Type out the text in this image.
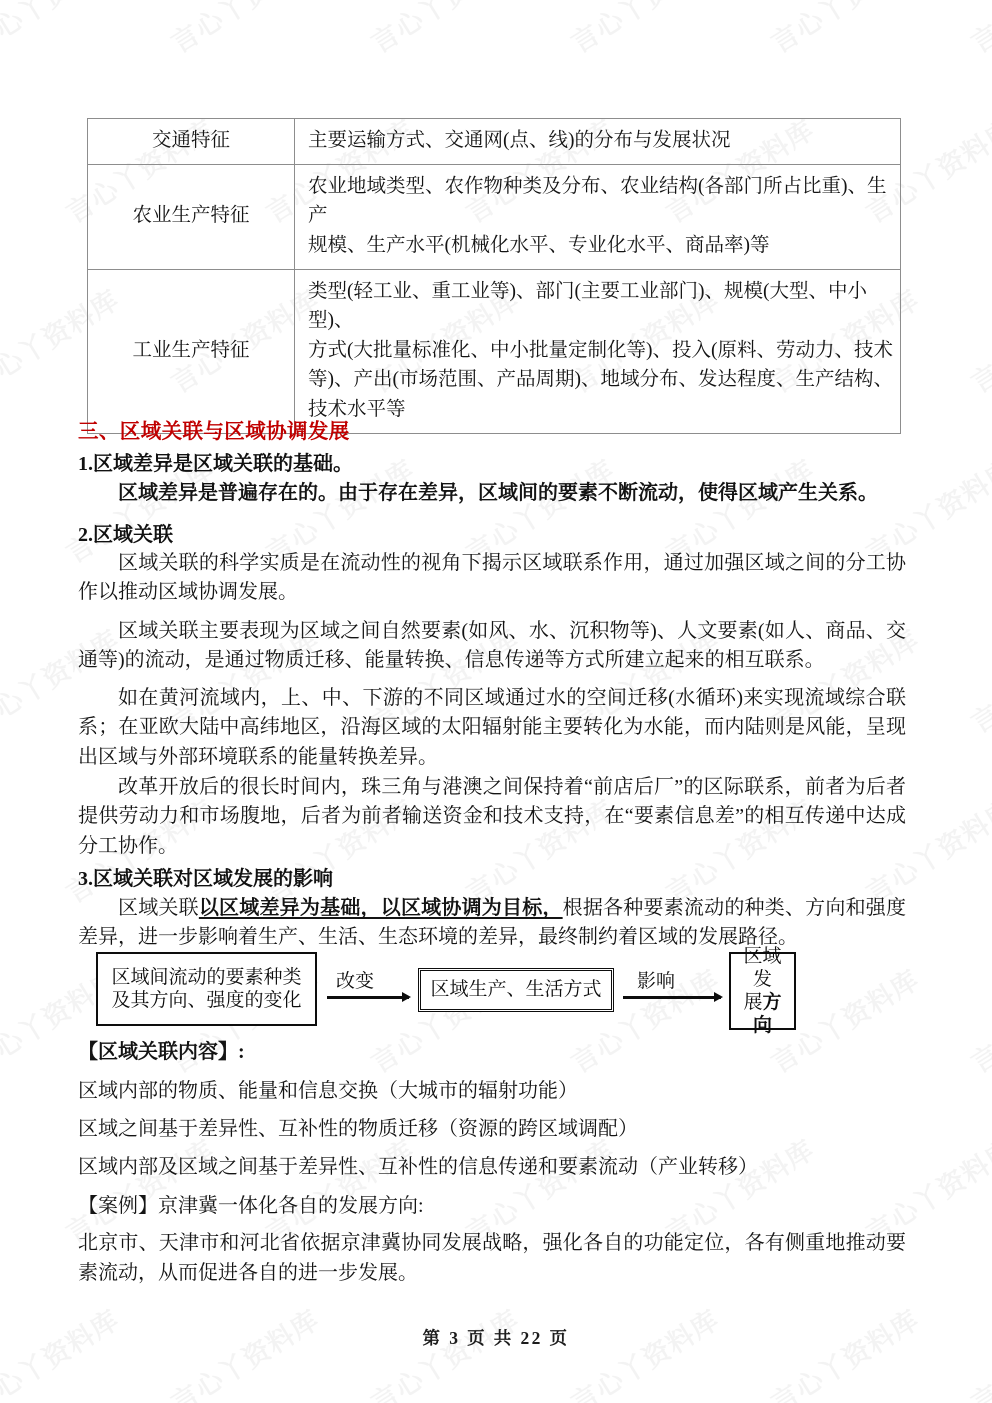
交通特征	主要运输方式、交通网(点、线)的分布与发展状况

农业生产特征	农业地域类型、农作物种类及分布、农业结构(各部门所占比重)、生产
规模、生产水平(机械化水平、专业化水平、商品率)等

工业生产特征	类型(轻工业、重工业等)、部门(主要工业部门)、规模(大型、中小型)、
方式(大批量标准化、中小批量定制化等)、投入(原料、劳动力、技术
等)、产出(市场范围、产品周期)、地域分布、发达程度、生产结构、
技术水平等
三、区域关联与区域协调发展

1.区域差异是区域关联的基础。

区域差异是普遍存在的。由于存在差异，区域间的要素不断流动，使得区域产生关系。

2.区域关联

区域关联的科学实质是在流动性的视角下揭示区域联系作用，通过加强区域之间的分工协作以推动区域协调发展。

区域关联主要表现为区域之间自然要素(如风、水、沉积物等)、人文要素(如人、商品、交通等)的流动，是通过物质迁移、能量转换、信息传递等方式所建立起来的相互联系。

如在黄河流域内，上、中、下游的不同区域通过水的空间迁移(水循环)来实现流域综合联系；在亚欧大陆中高纬地区，沿海区域的太阳辐射能主要转化为水能，而内陆则是风能，呈现出区域与外部环境联系的能量转换差异。

改革开放后的很长时间内，珠三角与港澳之间保持着“前店后厂”的区际联系，前者为后者提供劳动力和市场腹地，后者为前者输送资金和技术支持，在“要素信息差”的相互传递中达成分工协作。

3.区域关联对区域发展的影响

区域关联以区域差异为基础，以区域协调为目标，根据各种要素流动的种类、方向和强度差异，进一步影响着生产、生活、生态环境的差异，最终制约着区域的发展路径。

区域间流动的要素种类
及其方向、强度的变化
改变	区域生产、生活方式	影响
区域发
展方向

【区域关联内容】:

区域内部的物质、能量和信息交换（大城市的辐射功能）

区域之间基于差异性、互补性的物质迁移（资源的跨区域调配）

区域内部及区域之间基于差异性、互补性的信息传递和要素流动（产业转移）

【案例】京津冀一体化各自的发展方向:

北京市、天津市和河北省依据京津冀协同发展战略，强化各自的功能定位，各有侧重地推动要素流动，从而促进各自的进一步发展。

第 3 页 共 22 页
